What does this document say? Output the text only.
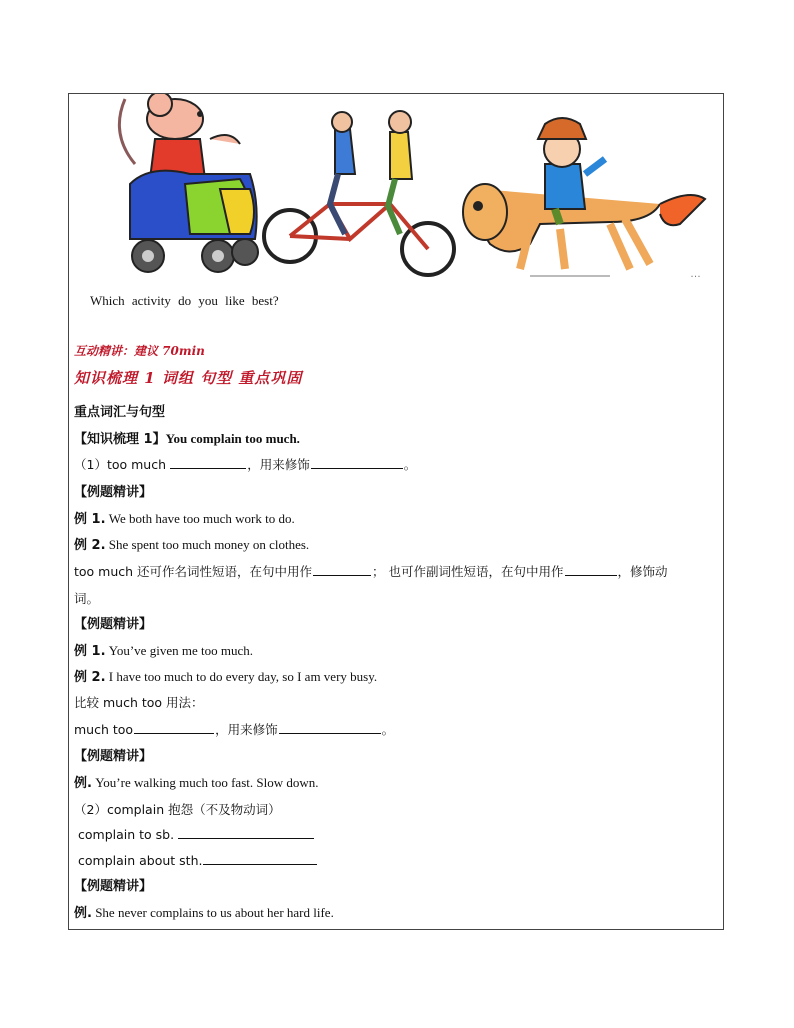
…
Which activity do you like best?
互动精讲：建议 70min
知识梳理 1 词组 句型 重点巩固
重点词汇与句型
【知识梳理 1】You complain too much.
（1）too much	，用来修饰	。
【例题精讲】
例 1. We both have too much work to do.
例 2. She spent too much money on clothes.
too much 还可作名词性短语，在句中用作	； 也可作副词性短语，在句中用作	，修饰动
词。
【例题精讲】
例 1. You’ve given me too much.
例 2. I have too much to do every day, so I am very busy.
比较 much too 用法：
much too	，用来修饰	。
【例题精讲】
例. You’re walking much too fast. Slow down.
（2）complain 抱怨（不及物动词）
complain to sb.
complain about sth.
【例题精讲】
例. She never complains to us about her hard life.
